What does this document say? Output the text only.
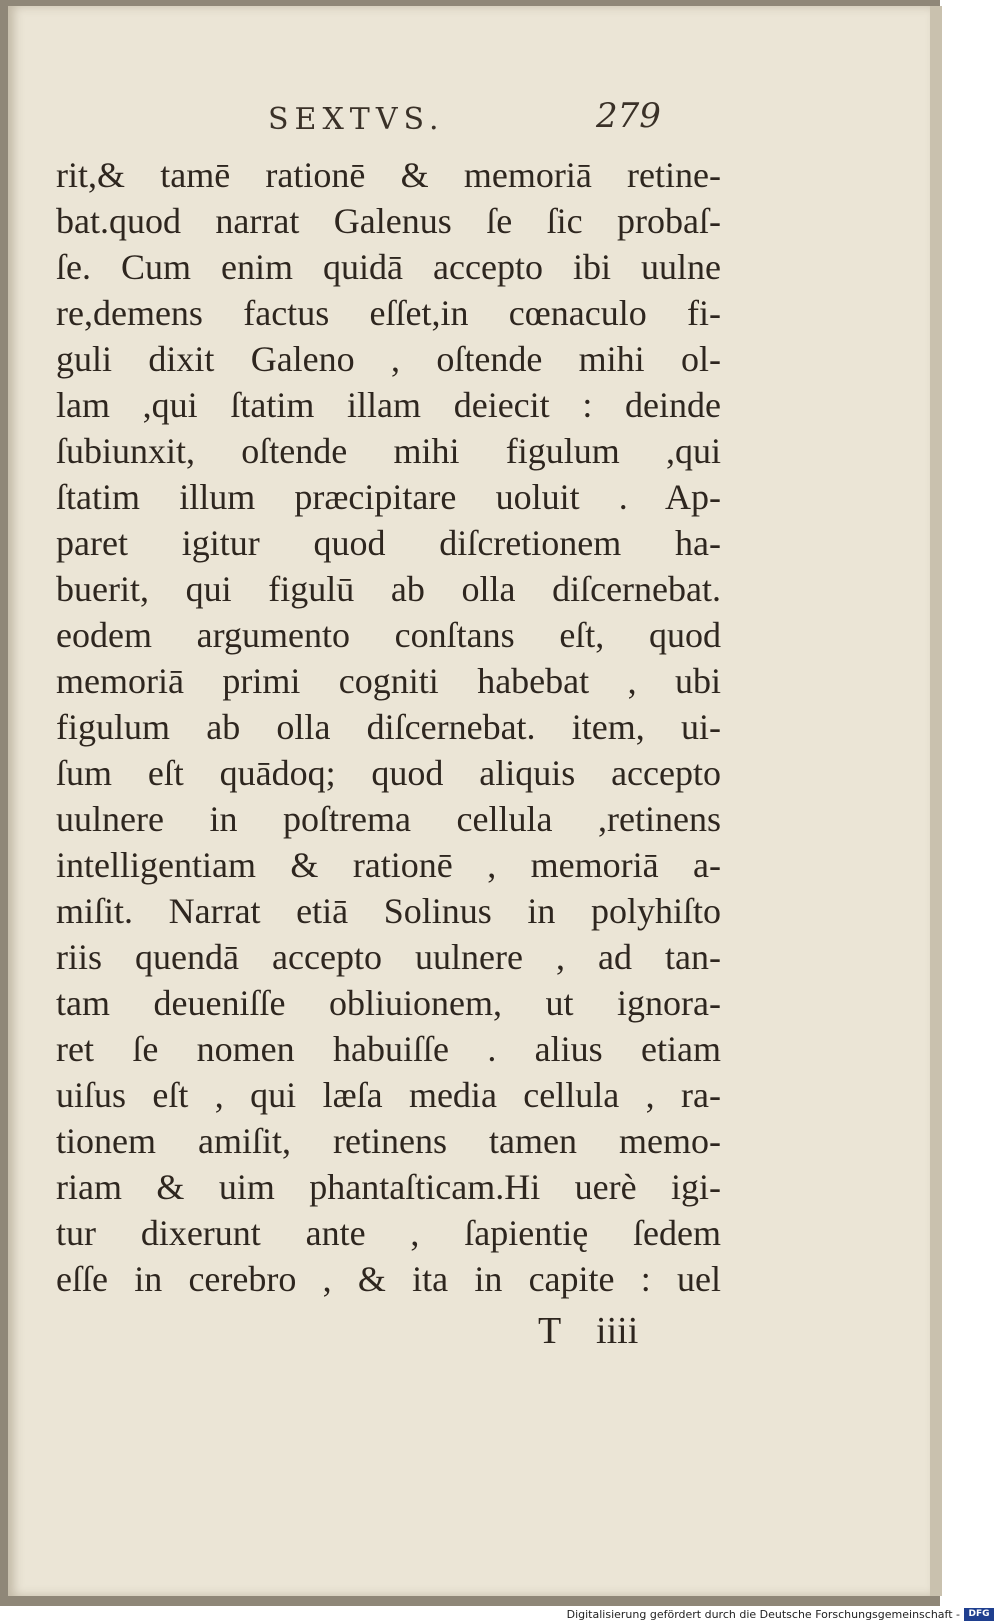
SEXTVS.	279
rit,& tamē rationē & memoriā retine-
bat.quod narrat Galenus ſe ſic probaſ-
ſe. Cum enim quidā accepto ibi uulne
re,demens factus eſſet,in cœnaculo fi-
guli dixit Galeno , oſtende mihi ol-
lam ,qui ſtatim illam deiecit : deinde
ſubiunxit, oſtende mihi figulum ,qui
ſtatim illum præcipitare uoluit . Ap-
paret igitur quod diſcretionem ha-
buerit, qui figulū ab olla diſcernebat.
eodem argumento conſtans eſt, quod
memoriā primi cogniti habebat , ubi
figulum ab olla diſcernebat. item, ui-
ſum eſt quādoq; quod aliquis accepto
uulnere in poſtrema cellula ,retinens
intelligentiam & rationē , memoriā a-
miſit. Narrat etiā Solinus in polyhiſto
riis quendā accepto uulnere , ad tan-
tam deueniſſe obliuionem, ut ignora-
ret ſe nomen habuiſſe . alius etiam
uiſus eſt , qui læſa media cellula , ra-
tionem amiſit, retinens tamen memo-
riam & uim phantaſticam.Hi uerè igi-
tur dixerunt ante , ſapientię ſedem
eſſe in cerebro , & ita in capite : uel
T iiii
Digitalisierung gefördert durch die Deutsche Forschungsgemeinschaft - DFG
